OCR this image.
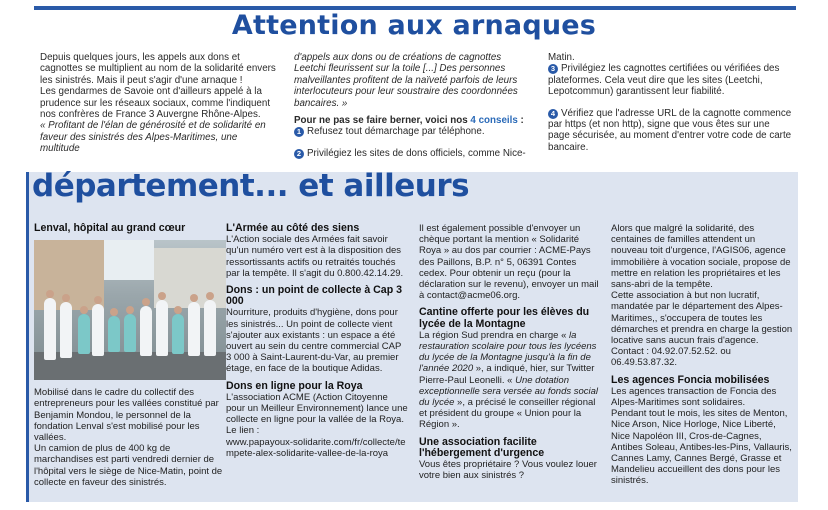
Attention aux arnaques

Depuis quelques jours, les appels aux dons et cagnottes se multiplient au nom de la solidarité envers les sinistrés. Mais il peut s'agir d'une arnaque !

Les gendarmes de Savoie ont d'ailleurs appelé à la prudence sur les réseaux sociaux, comme l'indiquent nos confrères de France 3 Auvergne Rhône-Alpes.

« Profitant de l'élan de générosité et de solidarité en faveur des sinistrés des Alpes-Maritimes, une multitude

d'appels aux dons ou de créations de cagnottes Leetchi fleurissent sur la toile [...] Des personnes malveillantes profitent de la naïveté parfois de leurs interlocuteurs pour leur soustraire des coordonnées bancaires. »

Pour ne pas se faire berner, voici nos 4 conseils :

1 Refusez tout démarchage par téléphone.

2 Privilégiez les sites de dons officiels, comme Nice-

Matin.

3 Privilégiez les cagnottes certifiées ou vérifiées des plateformes. Cela veut dire que les sites (Leetchi, Lepotcommun) garantissent leur fiabilité.

4 Vérifiez que l'adresse URL de la cagnotte commence par https (et non http), signe que vous êtes sur une page sécurisée, au moment d'entrer votre code de carte bancaire.

département... et ailleurs

Lenval, hôpital au grand cœur

Mobilisé dans le cadre du collectif des entrepreneurs pour les vallées constitué par Benjamin Mondou, le personnel de la fondation Lenval s'est mobilisé pour les vallées.

Un camion de plus de 400 kg de marchandises est parti vendredi dernier de l'hôpital vers le siège de Nice-Matin, point de collecte en faveur des sinistrés.

L'Armée au côté des siens

L'Action sociale des Armées fait savoir qu'un numéro vert est à la disposition des ressortissants actifs ou retraités touchés par la tempête. Il s'agit du 0.800.42.14.29.

Dons : un point de collecte à Cap 3 000

Nourriture, produits d'hygiène, dons pour les sinistrés... Un point de collecte vient s'ajouter aux existants : un espace a été ouvert au sein du centre commercial CAP 3 000 à Saint-Laurent-du-Var, au premier étage, en face de la boutique Adidas.

Dons en ligne pour la Roya

L'association ACME (Action Citoyenne pour un Meilleur Environnement) lance une collecte en ligne pour la vallée de la Roya. Le lien :

www.papayoux-solidarite.com/fr/collecte/tempete-alex-solidarite-vallee-de-la-roya

Il est également possible d'envoyer un chèque portant la mention « Solidarité Roya » au dos par courrier : ACME-Pays des Paillons, B.P. n° 5, 06391 Contes cedex. Pour obtenir un reçu (pour la déclaration sur le revenu), envoyer un mail à contact@acme06.org.

Cantine offerte pour les élèves du lycée de la Montagne

La région Sud prendra en charge « la restauration scolaire pour tous les lycéens du lycée de la Montagne jusqu'à la fin de l'année 2020 », a indiqué, hier, sur Twitter Pierre-Paul Leonelli. « Une dotation exceptionnelle sera versée au fonds social du lycée », a précisé le conseiller régional et président du groupe « Union pour la Région ».

Une association facilite l'hébergement d'urgence

Vous êtes propriétaire ? Vous voulez louer votre bien aux sinistrés ?

Alors que malgré la solidarité, des centaines de familles attendent un nouveau toit d'urgence, l'AGIS06, agence immobilière à vocation sociale, propose de mettre en relation les propriétaires et les sans-abri de la tempête.

Cette association à but non lucratif, mandatée par le département des Alpes-Maritimes,, s'occupera de toutes les démarches et prendra en charge la gestion locative sans aucun frais d'agence. Contact : 04.92.07.52.52. ou 06.49.53.87.32.

Les agences Foncia mobilisées

Les agences transaction de Foncia des Alpes-Maritimes sont solidaires.

Pendant tout le mois, les sites de Menton, Nice Arson, Nice Horloge, Nice Liberté, Nice Napoléon III, Cros-de-Cagnes, Antibes Soleau, Antibes-les-Pins, Vallauris, Cannes Lamy, Cannes Bergé, Grasse et Mandelieu accueillent des dons pour les sinistrés.
